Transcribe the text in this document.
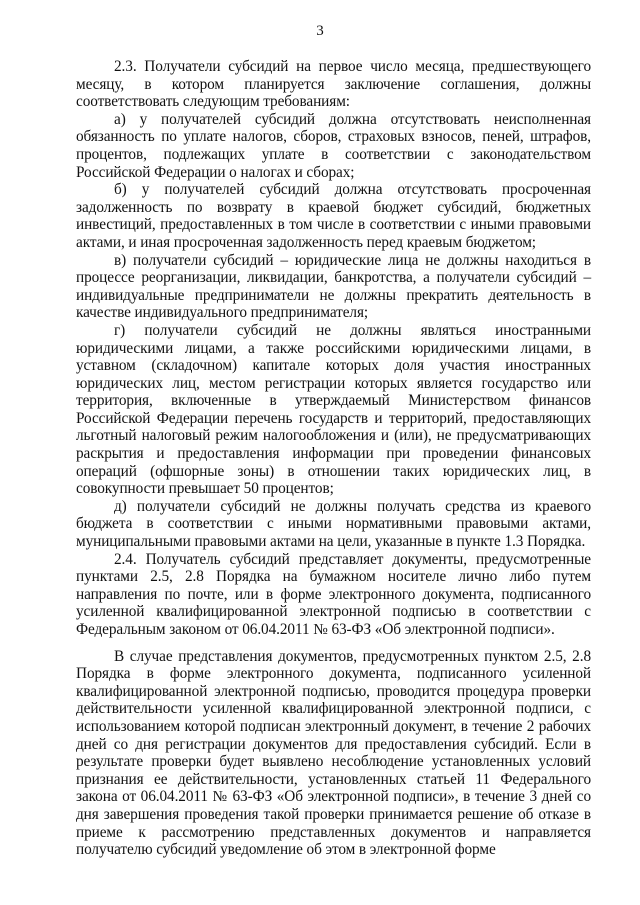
3

2.3. Получатели субсидий на первое число месяца, предшествующего месяцу, в котором планируется заключение соглашения, должны соответствовать следующим требованиям:

а) у получателей субсидий должна отсутствовать неисполненная обязанность по уплате налогов, сборов, страховых взносов, пеней, штрафов, процентов, подлежащих уплате в соответствии с законодательством Российской Федерации о налогах и сборах;

б) у получателей субсидий должна отсутствовать просроченная задолженность по возврату в краевой бюджет субсидий, бюджетных инвестиций, предоставленных в том числе в соответствии с иными правовыми актами, и иная просроченная задолженность перед краевым бюджетом;

в) получатели субсидий – юридические лица не должны находиться в процессе реорганизации, ликвидации, банкротства, а получатели субсидий – индивидуальные предприниматели не должны прекратить деятельность в качестве индивидуального предпринимателя;

г) получатели субсидий не должны являться иностранными юридическими лицами, а также российскими юридическими лицами, в уставном (складочном) капитале которых доля участия иностранных юридических лиц, местом регистрации которых является государство или территория, включенные в утверждаемый Министерством финансов Российской Федерации перечень государств и территорий, предоставляющих льготный налоговый режим налогообложения и (или), не предусматривающих раскрытия и предоставления информации при проведении финансовых операций (офшорные зоны) в отношении таких юридических лиц, в совокупности превышает 50 процентов;

д) получатели субсидий не должны получать средства из краевого бюджета в соответствии с иными нормативными правовыми актами, муниципальными правовыми актами на цели, указанные в пункте 1.3 Порядка.

2.4. Получатель субсидий представляет документы, предусмотренные пунктами 2.5, 2.8 Порядка на бумажном носителе лично либо путем направления по почте, или в форме электронного документа, подписанного усиленной квалифицированной электронной подписью в соответствии с Федеральным законом от 06.04.2011 № 63-ФЗ «Об электронной подписи».

В случае представления документов, предусмотренных пунктом 2.5, 2.8 Порядка в форме электронного документа, подписанного усиленной квалифицированной электронной подписью, проводится процедура проверки действительности усиленной квалифицированной электронной подписи, с использованием которой подписан электронный документ, в течение 2 рабочих дней со дня регистрации документов для предоставления субсидий. Если в результате проверки будет выявлено несоблюдение установленных условий признания ее действительности, установленных статьей 11 Федерального закона от 06.04.2011 № 63-ФЗ «Об электронной подписи», в течение 3 дней со дня завершения проведения такой проверки принимается решение об отказе в приеме к рассмотрению представленных документов и направляется получателю субсидий уведомление об этом в электронной форме
